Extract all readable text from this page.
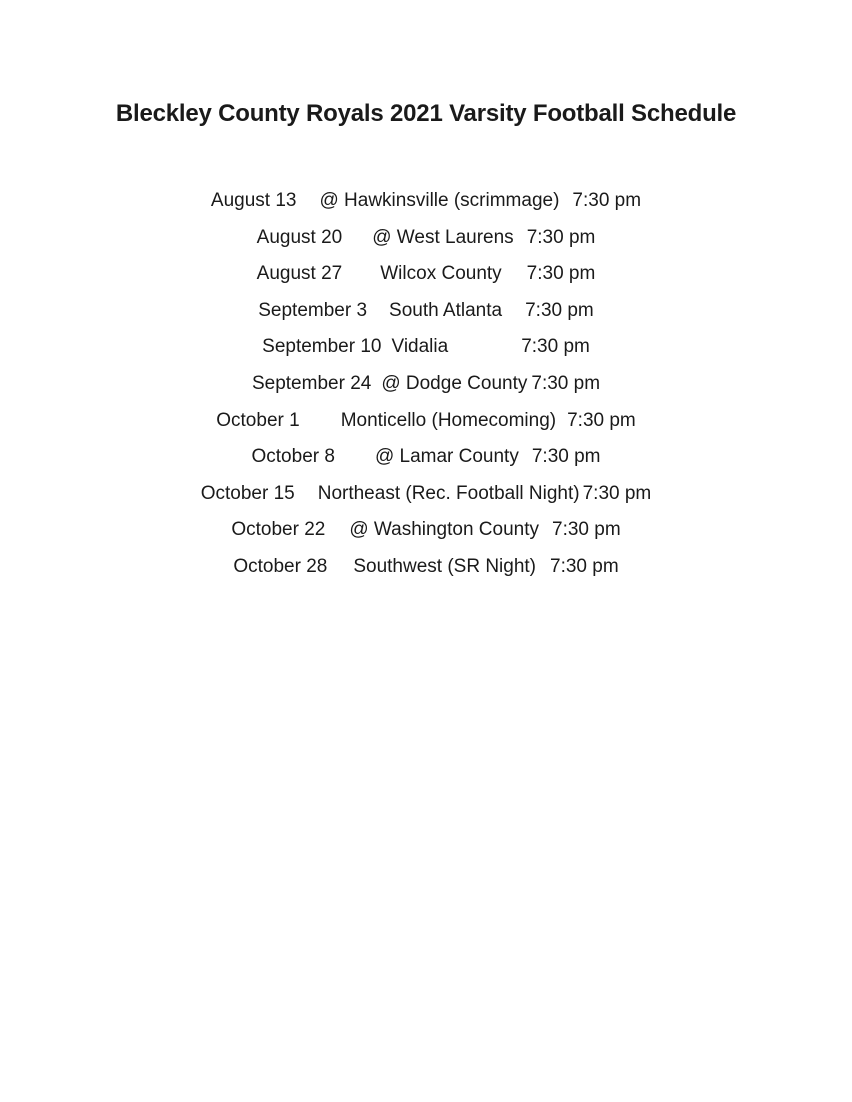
Bleckley County Royals 2021 Varsity Football Schedule
August 13 @ Hawkinsville (scrimmage) 7:30 pm
August 20 @ West Laurens 7:30 pm
August 27 Wilcox County 7:30 pm
September 3 South Atlanta 7:30 pm
September 10 Vidalia	7:30 pm
September 24 @ Dodge County 7:30 pm
October 1 Monticello (Homecoming) 7:30 pm
October 8 @ Lamar County 7:30 pm
October 15 Northeast (Rec. Football Night) 7:30 pm
October 22 @ Washington County 7:30 pm
October 28 Southwest (SR Night) 7:30 pm
